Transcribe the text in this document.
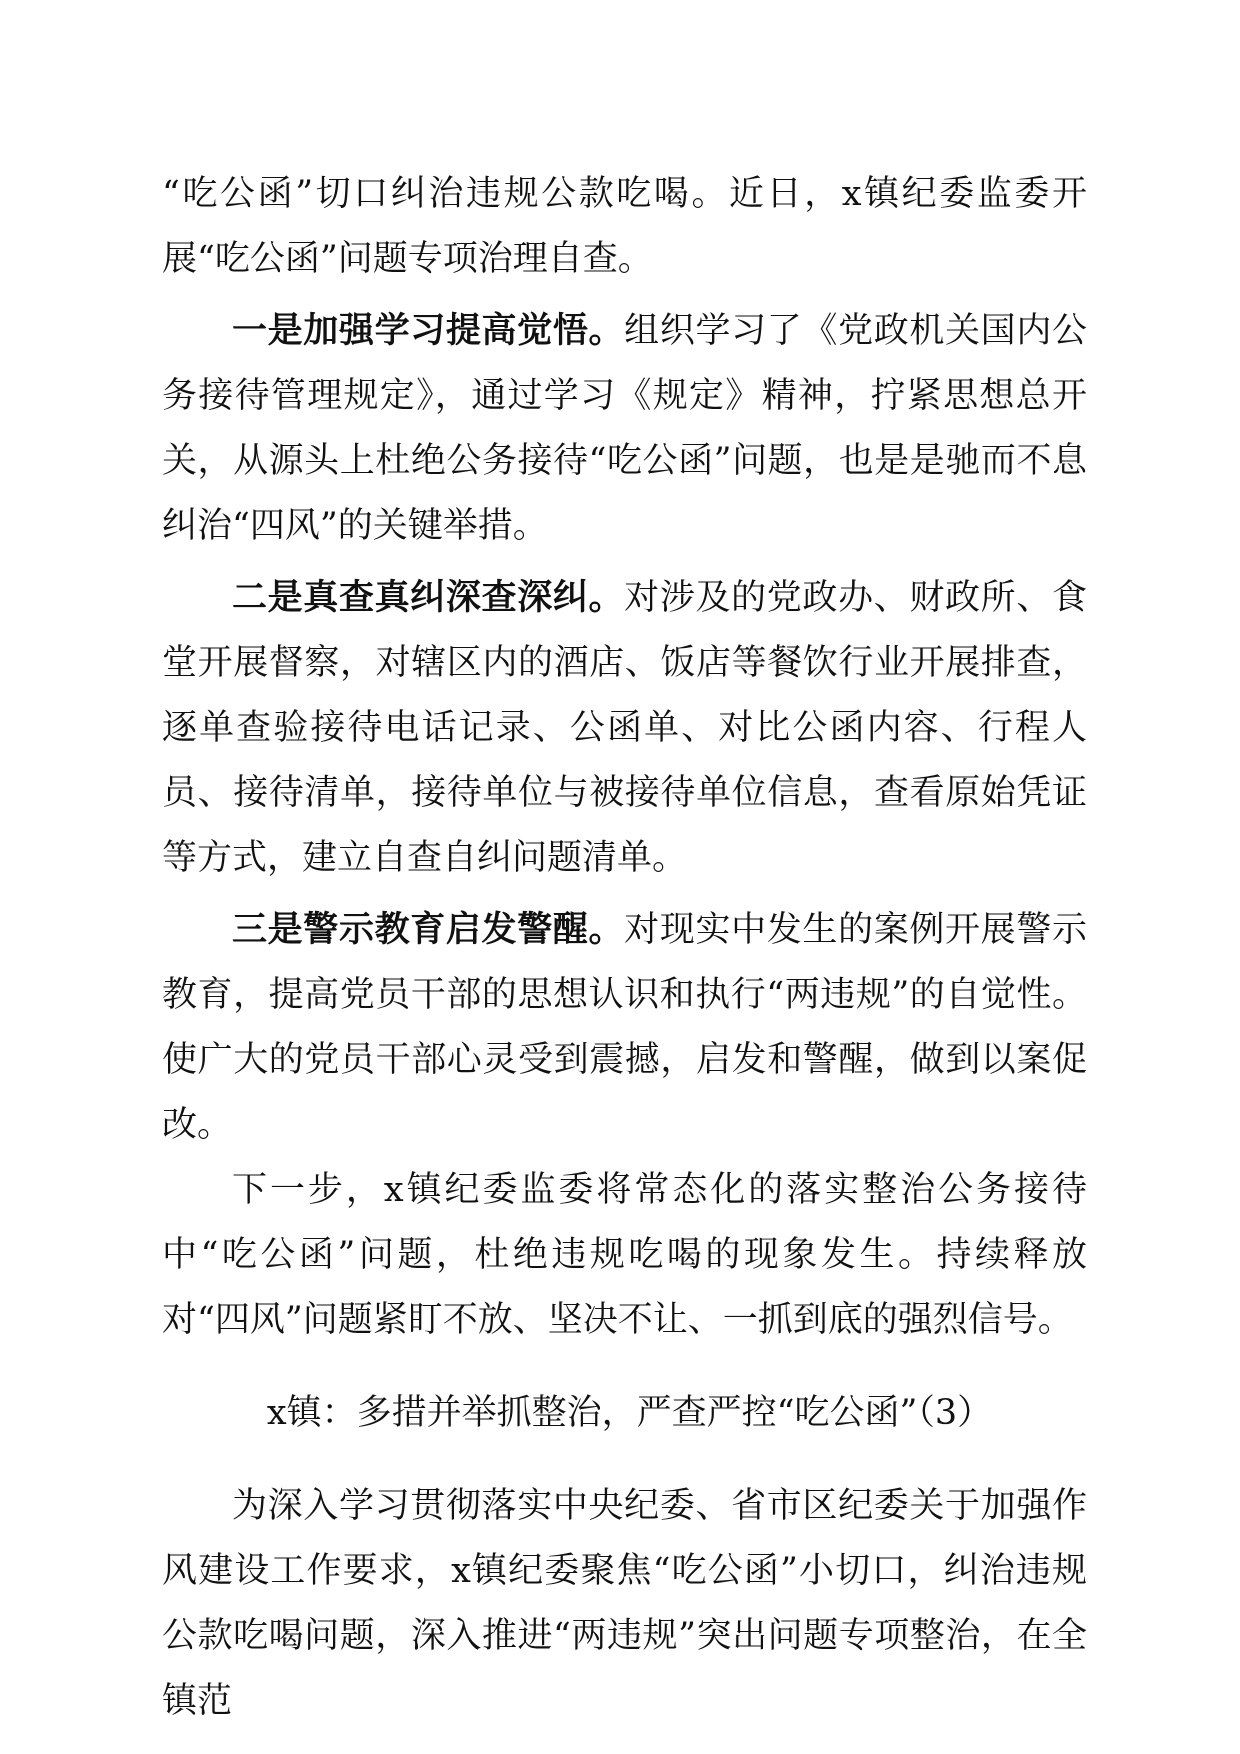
“吃公函”切口纠治违规公款吃喝。近日，x镇纪委监委开展“吃公函”问题专项治理自查。

一是加强学习提高觉悟。组织学习了《党政机关国内公务接待管理规定》，通过学习《规定》精神，拧紧思想总开关，从源头上杜绝公务接待“吃公函”问题，也是是驰而不息纠治“四风”的关键举措。

二是真查真纠深查深纠。对涉及的党政办、财政所、食堂开展督察，对辖区内的酒店、饭店等餐饮行业开展排查，逐单查验接待电话记录、公函单、对比公函内容、行程人员、接待清单，接待单位与被接待单位信息，查看原始凭证等方式，建立自查自纠问题清单。

三是警示教育启发警醒。对现实中发生的案例开展警示教育，提高党员干部的思想认识和执行“两违规”的自觉性。使广大的党员干部心灵受到震撼，启发和警醒，做到以案促改。

下一步，x镇纪委监委将常态化的落实整治公务接待中“吃公函”问题，杜绝违规吃喝的现象发生。持续释放对“四风”问题紧盯不放、坚决不让、一抓到底的强烈信号。

x镇：多措并举抓整治，严查严控“吃公函”（3）

为深入学习贯彻落实中央纪委、省市区纪委关于加强作风建设工作要求，x镇纪委聚焦“吃公函”小切口，纠治违规公款吃喝问题，深入推进“两违规”突出问题专项整治，在全镇范
